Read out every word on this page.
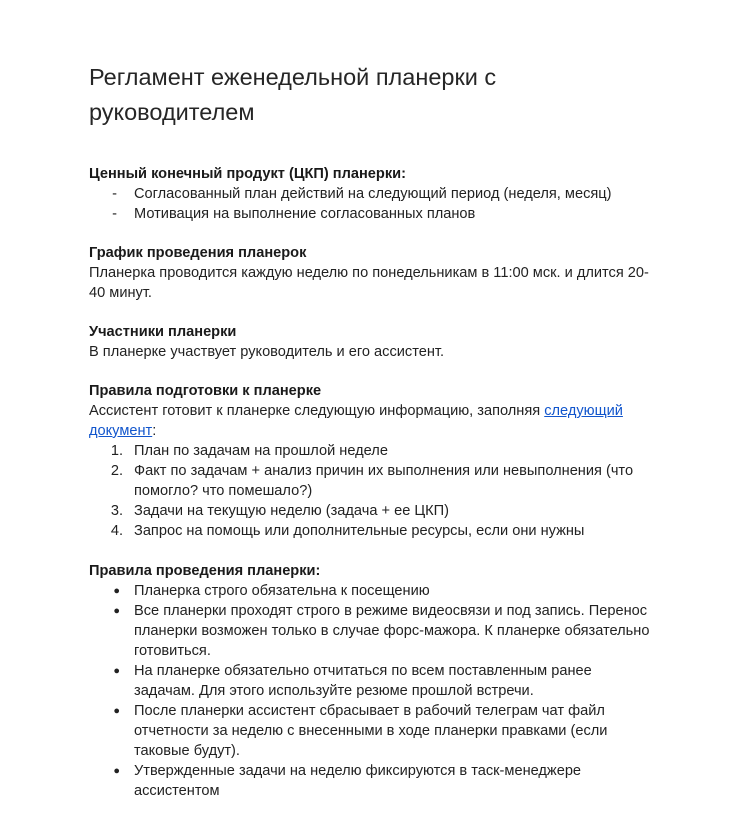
Регламент еженедельной планерки с руководителем
Ценный конечный продукт (ЦКП) планерки:
- Согласованный план действий на следующий период (неделя, месяц)
- Мотивация на выполнение согласованных планов
График проведения планерок
Планерка проводится каждую неделю по понедельникам в 11:00 мск. и длится 20-40 минут.
Участники планерки
В планерке участвует руководитель и его ассистент.
Правила подготовки к планерке
Ассистент готовит к планерке следующую информацию, заполняя следующий документ:
1. План по задачам на прошлой неделе
2. Факт по задачам + анализ причин их выполнения или невыполнения (что помогло? что помешало?)
3. Задачи на текущую неделю (задача + ее ЦКП)
4. Запрос на помощь или дополнительные ресурсы, если они нужны
Правила проведения планерки:
● Планерка строго обязательна к посещению
● Все планерки проходят строго в режиме видеосвязи и под запись. Перенос планерки возможен только в случае форс-мажора. К планерке обязательно готовиться.
● На планерке обязательно отчитаться по всем поставленным ранее задачам. Для этого используйте резюме прошлой встречи.
● После планерки ассистент сбрасывает в рабочий телеграм чат файл отчетности за неделю с внесенными в ходе планерки правками (если таковые будут).
● Утвержденные задачи на неделю фиксируются в таск-менеджере ассистентом
